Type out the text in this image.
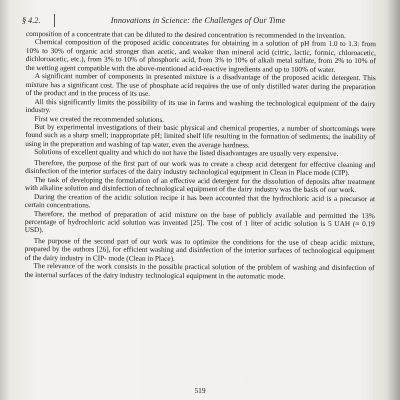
§ 4.2.	Innovations in Science: the Challenges of Our Time

composition of a concentrate that can be diluted to the desired concentration is recommended in the invention.

Chemical composition of the proposed acidic concentrates for obtaining in a solution of pH from 1.0 to 1.3: from 10% to 30% of organic acid stronger than acetic, and weaker than mineral acid (citric, lactic, formic, chloroacetic, dichloroacetic, etc.), from 3% to 10% of phosphoric acid, from 3% to 10% of alkali metal sulfate, from 2% to 10% of the wetting agent compatible with the above-mentioned acid-reactive ingredients and up to 100% of water.

A significant number of components in presented mixture is a disadvantage of the proposed acidic detergent. This mixture has a significant cost. The use of phosphate acid requires the use of only distilled water during the preparation of the product and in the process of its use.

All this significantly limits the possibility of its use in farms and washing the technological equipment of the dairy industry.

First we created the recommended solutions.

But by experimental investigations of their basic physical and chemical properties, a number of shortcomings were found such as a sharp smell; inappropriate pH; limited shelf life resulting in the formation of sediments; the inability of using in the preparation and washing of tap water, even the average hardness.

Solutions of excellent quality and which do not have the listed disadvantages are usually very expensive.

Therefore, the purpose of the first part of our work was to create a cheap acid detergent for effective cleaning and disinfection of the interior surfaces of the dairy industry technological equipment in Clean in Place mode (CIP).

The task of developing the formulation of an effective acid detergent for the dissolution of deposits after treatment with alkaline solution and disinfection of technological equipment of the dairy industry was the basis of our work.

During the creation of the acidic solution recipe it has been accounted that the hydrochloric acid is a precursor at certain concentrations.

Therefore, the method of preparation of acid mixture on the base of publicly available and permitted the 13% percentage of hydrochloric acid solution was invented [25]. The cost of 1 liter of acidic solution is 5 UAH (≈ 0.19 USD).

The purpose of the second part of our work was to optimize the conditions for the use of cheap acidic mixture, prepared by the authors [26], for efficient washing and disinfection of the interior surfaces of technological equipment of the dairy industry in CIP- mode (Clean in Place).

The relevance of the work consists in the possible practical solution of the problem of washing and disinfection of the internal surfaces of the dairy industry technological equipment in the automatic mode.

519
